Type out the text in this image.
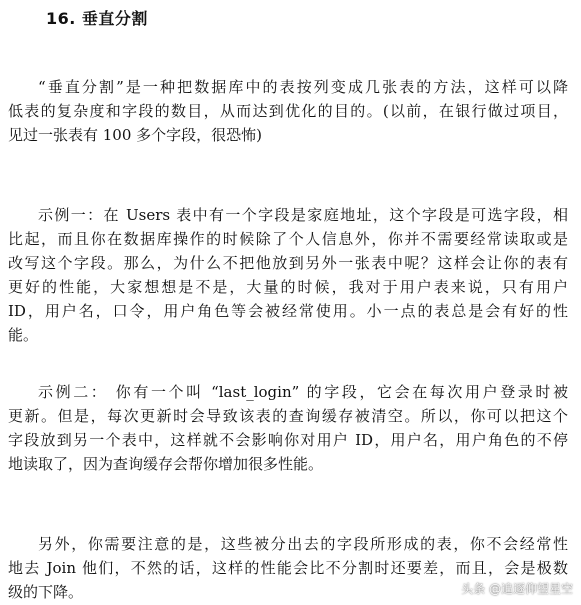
16. 垂直分割
“垂直分割”是一种把数据库中的表按列变成几张表的方法，这样可以降
低表的复杂度和字段的数目，从而达到优化的目的。(以前，在银行做过项目，
见过一张表有 100 多个字段，很恐怖)
示例一：在 Users 表中有一个字段是家庭地址，这个字段是可选字段，相
比起，而且你在数据库操作的时候除了个人信息外，你并不需要经常读取或是
改写这个字段。那么，为什么不把他放到另外一张表中呢？这样会让你的表有
更好的性能，大家想想是不是，大量的时候，我对于用户表来说，只有用户
ID，用户名，口令，用户角色等会被经常使用。小一点的表总是会有好的性
能。
示例二： 你有一个叫 “last_login” 的字段，它会在每次用户登录时被
更新。但是，每次更新时会导致该表的查询缓存被清空。所以，你可以把这个
字段放到另一个表中，这样就不会影响你对用户 ID，用户名，用户角色的不停
地读取了，因为查询缓存会帮你增加很多性能。
另外，你需要注意的是，这些被分出去的字段所形成的表，你不会经常性
地去 Join 他们，不然的话，这样的性能会比不分割时还要差，而且，会是极数
级的下降。	头条 @追逐仰望星空
